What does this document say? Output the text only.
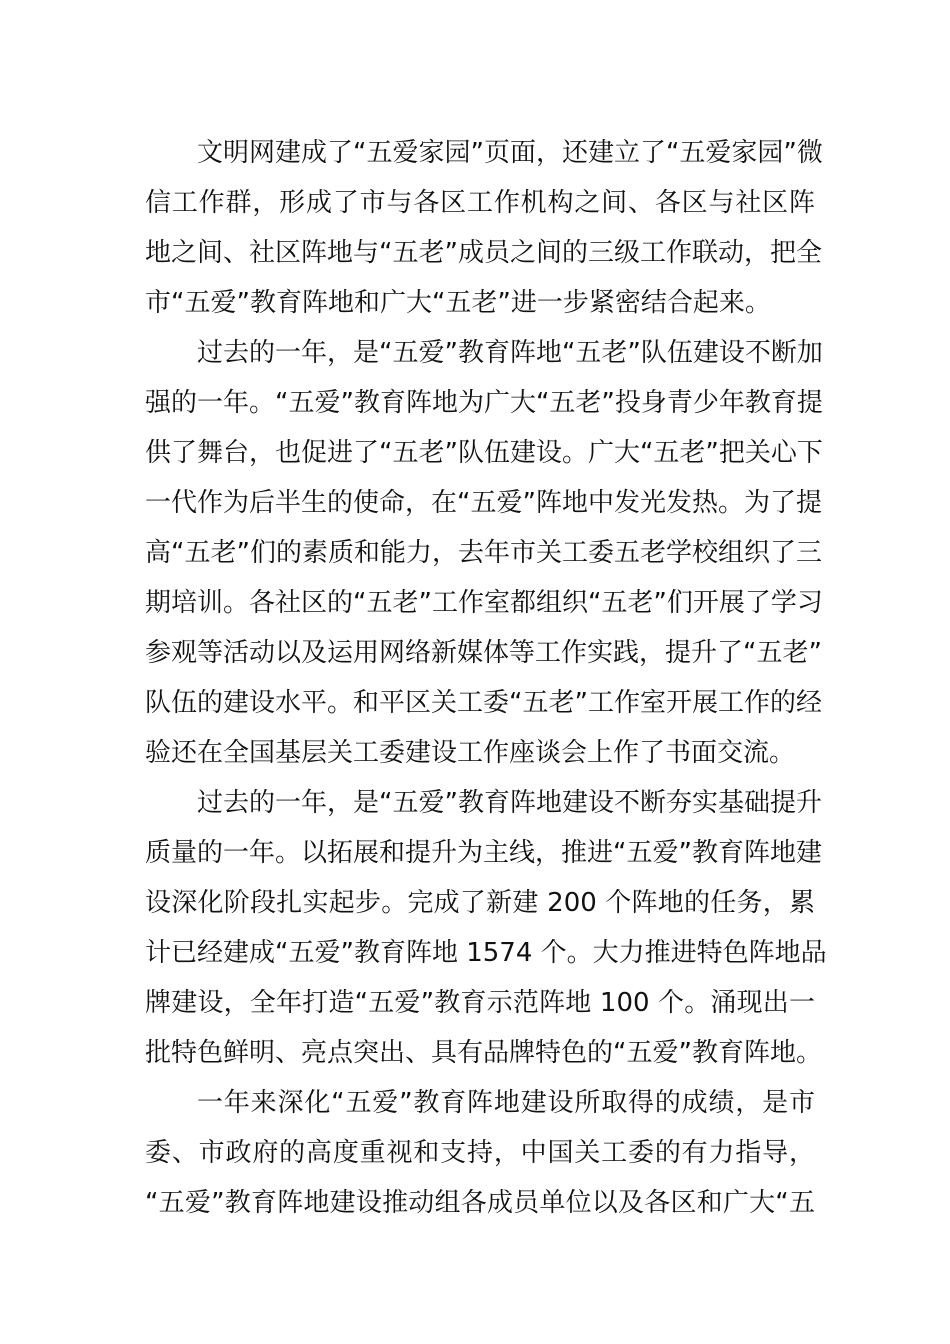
文明网建成了“五爱家园”页面，还建立了“五爱家园”微
信工作群，形成了市与各区工作机构之间、各区与社区阵
地之间、社区阵地与“五老”成员之间的三级工作联动，把全
市“五爱”教育阵地和广大“五老”进一步紧密结合起来。
过去的一年，是“五爱”教育阵地“五老”队伍建设不断加
强的一年。“五爱”教育阵地为广大“五老”投身青少年教育提
供了舞台，也促进了“五老”队伍建设。广大“五老”把关心下
一代作为后半生的使命，在“五爱”阵地中发光发热。为了提
高“五老”们的素质和能力，去年市关工委五老学校组织了三
期培训。各社区的“五老”工作室都组织“五老”们开展了学习
参观等活动以及运用网络新媒体等工作实践，提升了“五老”
队伍的建设水平。和平区关工委“五老”工作室开展工作的经
验还在全国基层关工委建设工作座谈会上作了书面交流。
过去的一年，是“五爱”教育阵地建设不断夯实基础提升
质量的一年。以拓展和提升为主线，推进“五爱”教育阵地建
设深化阶段扎实起步。完成了新建 200 个阵地的任务，累
计已经建成“五爱”教育阵地 1574 个。大力推进特色阵地品
牌建设，全年打造“五爱”教育示范阵地 100 个。涌现出一
批特色鲜明、亮点突出、具有品牌特色的“五爱”教育阵地。
一年来深化“五爱”教育阵地建设所取得的成绩，是市
委、市政府的高度重视和支持，中国关工委的有力指导，
“五爱”教育阵地建设推动组各成员单位以及各区和广大“五
